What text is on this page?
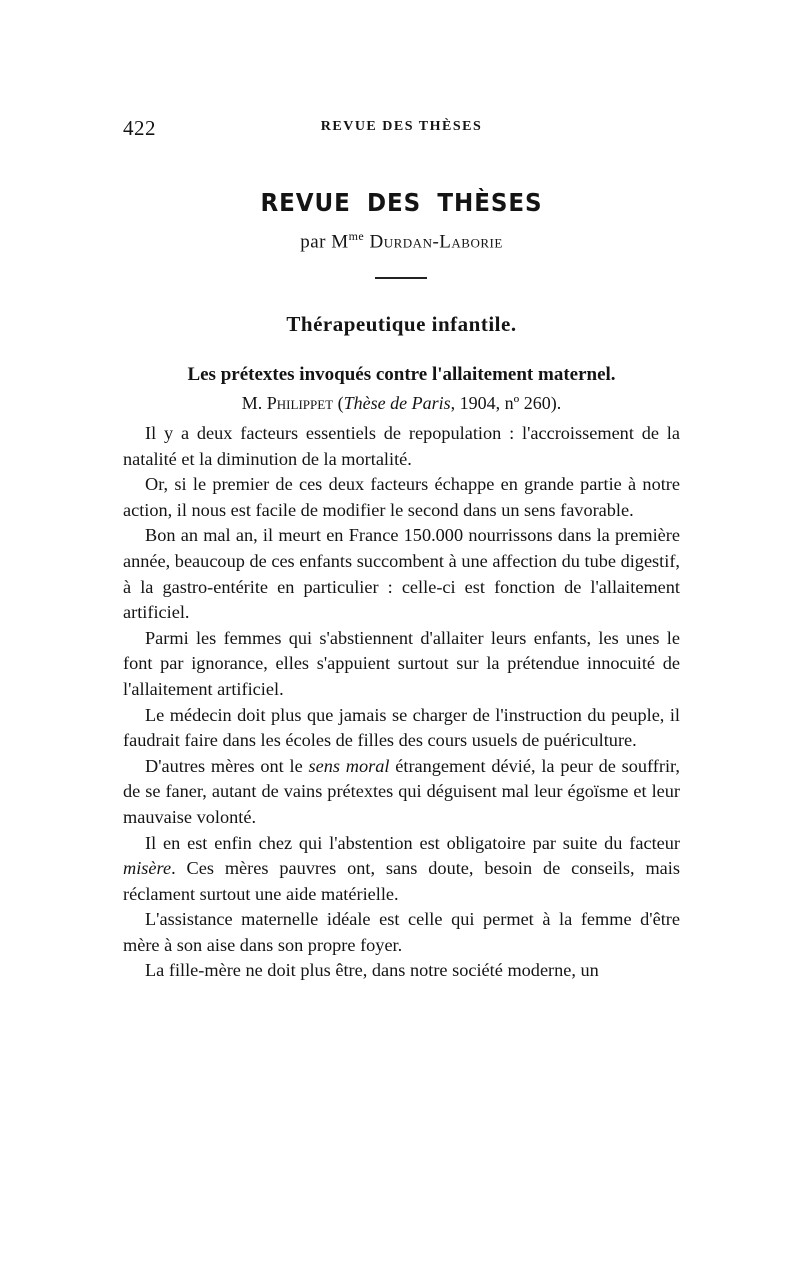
422	REVUE DES THÈSES
REVUE DES THÈSES
par $M^{me}$ Durdan-Laborie
Thérapeutique infantile.
Les prétextes invoqués contre l'allaitement maternel.
M. Philippet (Thèse de Paris, 1904, nº 260).

Il y a deux facteurs essentiels de repopulation : l'accroissement de la natalité et la diminution de la mortalité.

Or, si le premier de ces deux facteurs échappe en grande partie à notre action, il nous est facile de modifier le second dans un sens favorable.

Bon an mal an, il meurt en France 150.000 nourrissons dans la première année, beaucoup de ces enfants succombent à une affection du tube digestif, à la gastro-entérite en particulier : celle-ci est fonction de l'allaitement artificiel.

Parmi les femmes qui s'abstiennent d'allaiter leurs enfants, les unes le font par ignorance, elles s'appuient surtout sur la prétendue innocuité de l'allaitement artificiel.

Le médecin doit plus que jamais se charger de l'instruction du peuple, il faudrait faire dans les écoles de filles des cours usuels de puériculture.

D'autres mères ont le sens moral étrangement dévié, la peur de souffrir, de se faner, autant de vains prétextes qui déguisent mal leur égoïsme et leur mauvaise volonté.

Il en est enfin chez qui l'abstention est obligatoire par suite du facteur misère. Ces mères pauvres ont, sans doute, besoin de conseils, mais réclament surtout une aide matérielle.

L'assistance maternelle idéale est celle qui permet à la femme d'être mère à son aise dans son propre foyer.

La fille-mère ne doit plus être, dans notre société moderne, un
